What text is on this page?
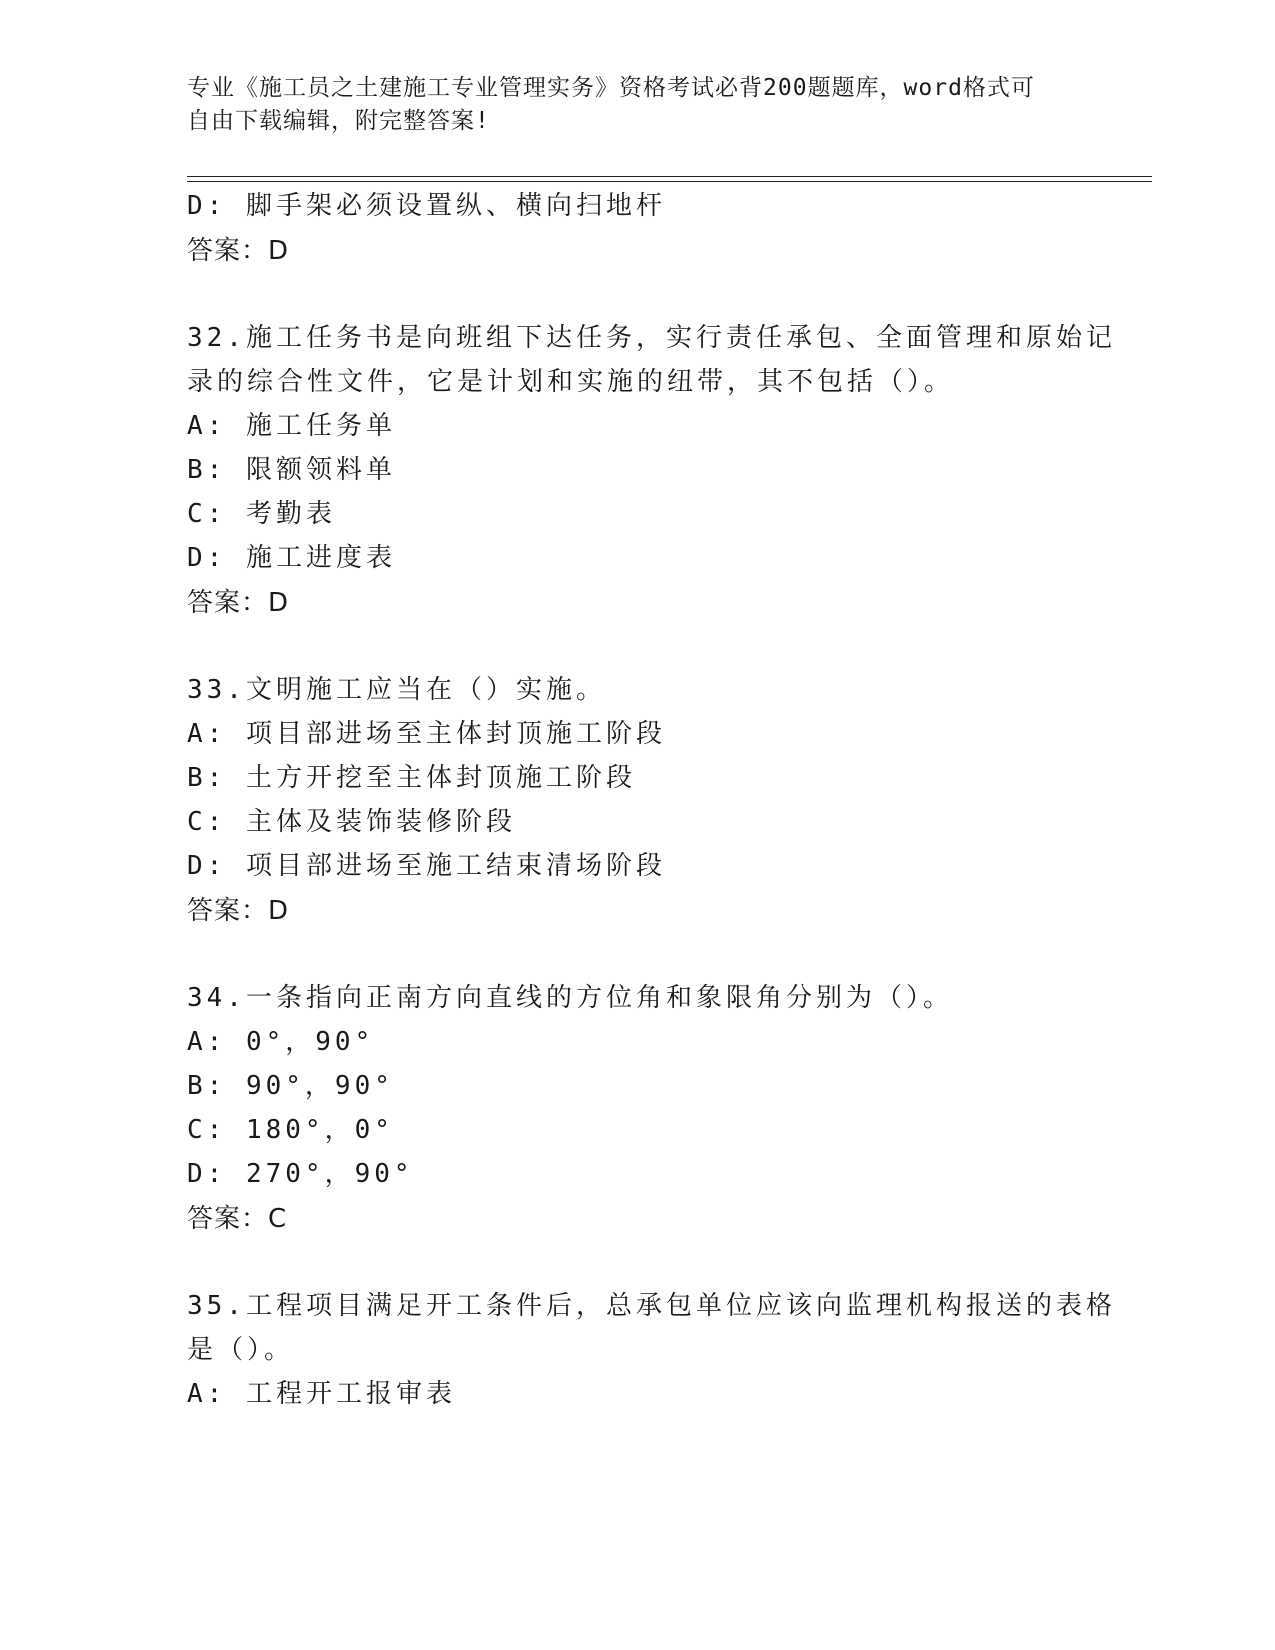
专业《施工员之土建施工专业管理实务》资格考试必背200题题库，word格式可
自由下载编辑，附完整答案!
D: 脚手架必须设置纵、横向扫地杆
答案：D
32.施工任务书是向班组下达任务，实行责任承包、全面管理和原始记
录的综合性文件，它是计划和实施的纽带，其不包括（）。
A: 施工任务单
B: 限额领料单
C: 考勤表
D: 施工进度表
答案：D
33.文明施工应当在（）实施。
A: 项目部进场至主体封顶施工阶段
B: 土方开挖至主体封顶施工阶段
C: 主体及装饰装修阶段
D: 项目部进场至施工结束清场阶段
答案：D
34.一条指向正南方向直线的方位角和象限角分别为（）。
A: 0°，90°
B: 90°，90°
C: 180°，0°
D: 270°，90°
答案：C
35.工程项目满足开工条件后，总承包单位应该向监理机构报送的表格
是（）。
A: 工程开工报审表
